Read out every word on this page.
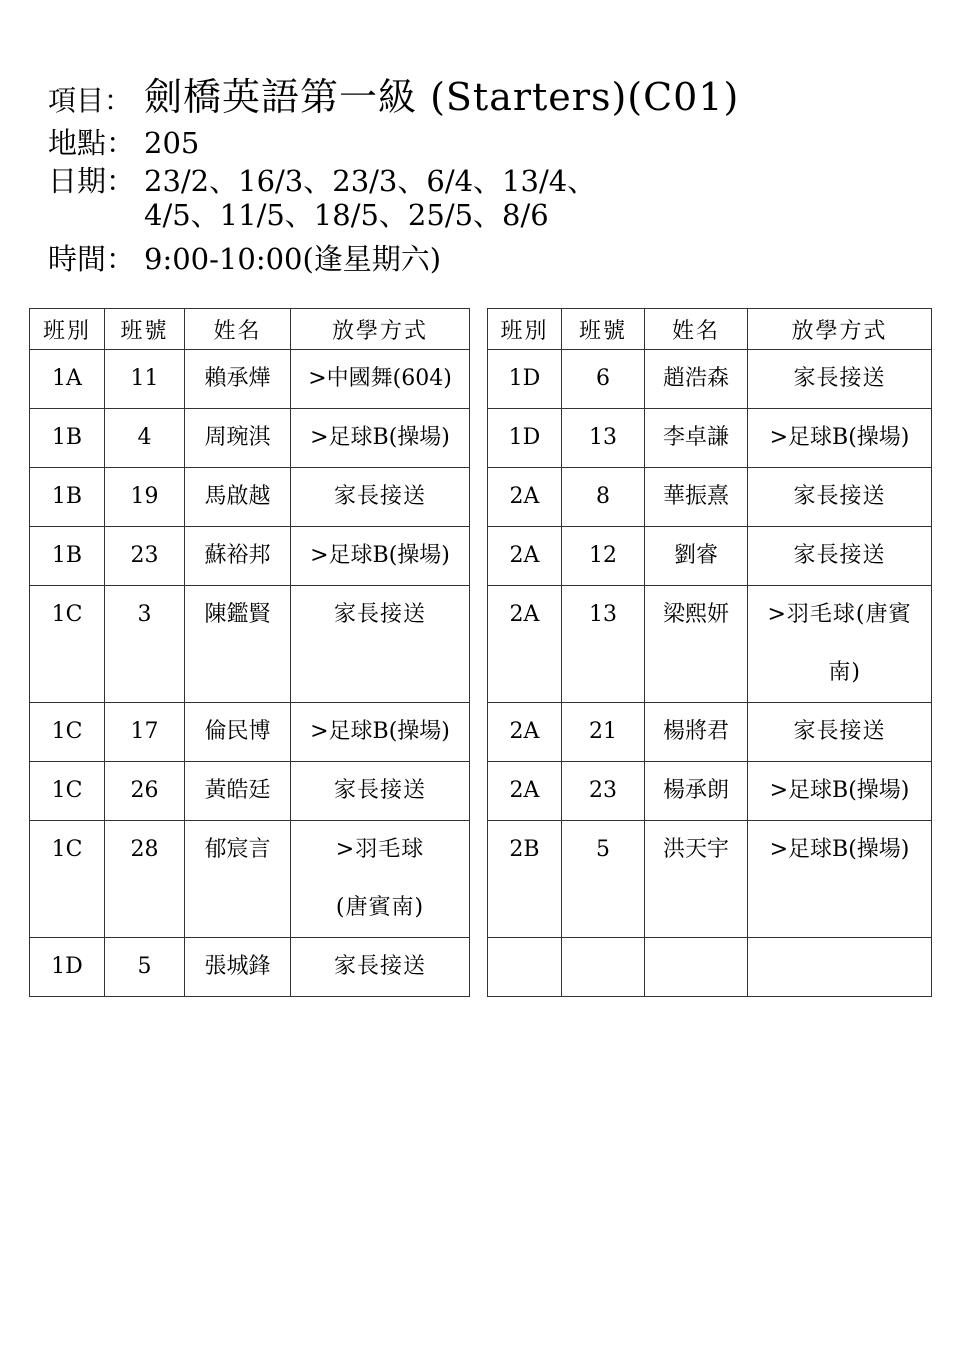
項目： 劍橋英語第一級 (Starters)(C01)
地點： 205
日期： 23/2、16/3、23/3、6/4、13/4、
4/5、11/5、18/5、25/5、8/6
時間： 9:00-10:00(逢星期六)
班別	班號	姓名	放學方式
1A	11	賴承燁	>中國舞(604)
1B	4	周琬淇	>足球B(操場)
1B	19	馬啟越	家長接送
1B	23	蘇裕邦	>足球B(操場)
1C	3	陳鑑賢	家長接送
1C	17	倫民博	>足球B(操場)
1C	26	黃皓廷	家長接送
1C	28	郁宸言	>羽毛球
(唐賓南)

1D	5	張城鋒	家長接送
班別	班號	姓名	放學方式
1D	6	趙浩森	家長接送
1D	13	李卓謙	>足球B(操場)
2A	8	華振熹	家長接送
2A	12	劉睿	家長接送
2A	13	梁熙妍	>羽毛球(唐賓
南)

2A	21	楊將君	家長接送
2A	23	楊承朗	>足球B(操場)
2B	5	洪天宇	>足球B(操場)
